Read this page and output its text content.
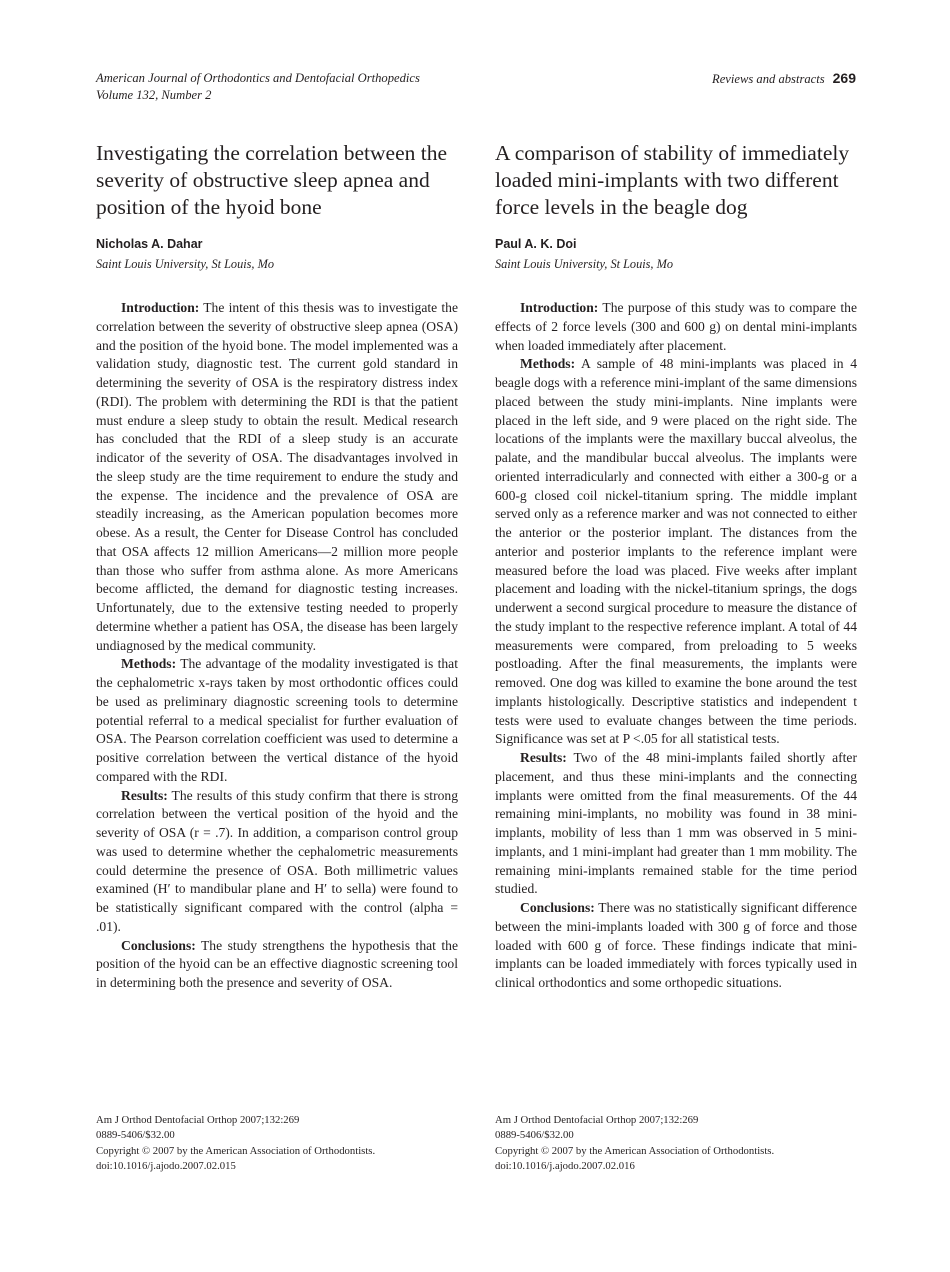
American Journal of Orthodontics and Dentofacial Orthopedics
Volume 132, Number 2
Reviews and abstracts 269
Investigating the correlation between the severity of obstructive sleep apnea and position of the hyoid bone
Nicholas A. Dahar
Saint Louis University, St Louis, Mo

Introduction: The intent of this thesis was to investigate the correlation between the severity of obstructive sleep apnea (OSA) and the position of the hyoid bone. The model implemented was a validation study, diagnostic test. The current gold standard in determining the severity of OSA is the respiratory distress index (RDI). The problem with determining the RDI is that the patient must endure a sleep study to obtain the result. Medical research has concluded that the RDI of a sleep study is an accurate indicator of the severity of OSA. The disadvantages involved in the sleep study are the time requirement to endure the study and the expense. The incidence and the prevalence of OSA are steadily increasing, as the American population becomes more obese. As a result, the Center for Disease Control has concluded that OSA affects 12 million Americans—2 million more people than those who suffer from asthma alone. As more Americans become afflicted, the demand for diagnostic testing increases. Unfortunately, due to the extensive testing needed to properly determine whether a patient has OSA, the disease has been largely undiagnosed by the medical community.

Methods: The advantage of the modality investigated is that the cephalometric x-rays taken by most orthodontic offices could be used as preliminary diagnostic screening tools to determine potential referral to a medical specialist for further evaluation of OSA. The Pearson correlation coefficient was used to determine a positive correlation between the vertical distance of the hyoid compared with the RDI.

Results: The results of this study confirm that there is strong correlation between the vertical position of the hyoid and the severity of OSA (r = .7). In addition, a comparison control group was used to determine whether the cephalometric measurements could determine the presence of OSA. Both millimetric values examined (H′ to mandibular plane and H′ to sella) were found to be statistically significant compared with the control (alpha = .01).

Conclusions: The study strengthens the hypothesis that the position of the hyoid can be an effective diagnostic screening tool in determining both the presence and severity of OSA.

A comparison of stability of immediately loaded mini-implants with two different force levels in the beagle dog
Paul A. K. Doi
Saint Louis University, St Louis, Mo

Introduction: The purpose of this study was to compare the effects of 2 force levels (300 and 600 g) on dental mini-implants when loaded immediately after placement.

Methods: A sample of 48 mini-implants was placed in 4 beagle dogs with a reference mini-implant of the same dimensions placed between the study mini-implants. Nine implants were placed in the left side, and 9 were placed on the right side. The locations of the implants were the maxillary buccal alveolus, the palate, and the mandibular buccal alveolus. The implants were oriented interradicularly and connected with either a 300-g or a 600-g closed coil nickel-titanium spring. The middle implant served only as a reference marker and was not connected to either the anterior or the posterior implant. The distances from the anterior and posterior implants to the reference implant were measured before the load was placed. Five weeks after implant placement and loading with the nickel-titanium springs, the dogs underwent a second surgical procedure to measure the distance of the study implant to the respective reference implant. A total of 44 measurements were compared, from preloading to 5 weeks postloading. After the final measurements, the implants were removed. One dog was killed to examine the bone around the test implants histologically. Descriptive statistics and independent t tests were used to evaluate changes between the time periods. Significance was set at P <.05 for all statistical tests.

Results: Two of the 48 mini-implants failed shortly after placement, and thus these mini-implants and the connecting implants were omitted from the final measurements. Of the 44 remaining mini-implants, no mobility was found in 38 mini-implants, mobility of less than 1 mm was observed in 5 mini-implants, and 1 mini-implant had greater than 1 mm mobility. The remaining mini-implants remained stable for the time period studied.

Conclusions: There was no statistically significant difference between the mini-implants loaded with 300 g of force and those loaded with 600 g of force. These findings indicate that mini-implants can be loaded immediately with forces typically used in clinical orthodontics and some orthopedic situations.

Am J Orthod Dentofacial Orthop 2007;132:269
0889-5406/$32.00
Copyright © 2007 by the American Association of Orthodontists.
doi:10.1016/j.ajodo.2007.02.015
Am J Orthod Dentofacial Orthop 2007;132:269
0889-5406/$32.00
Copyright © 2007 by the American Association of Orthodontists.
doi:10.1016/j.ajodo.2007.02.016
